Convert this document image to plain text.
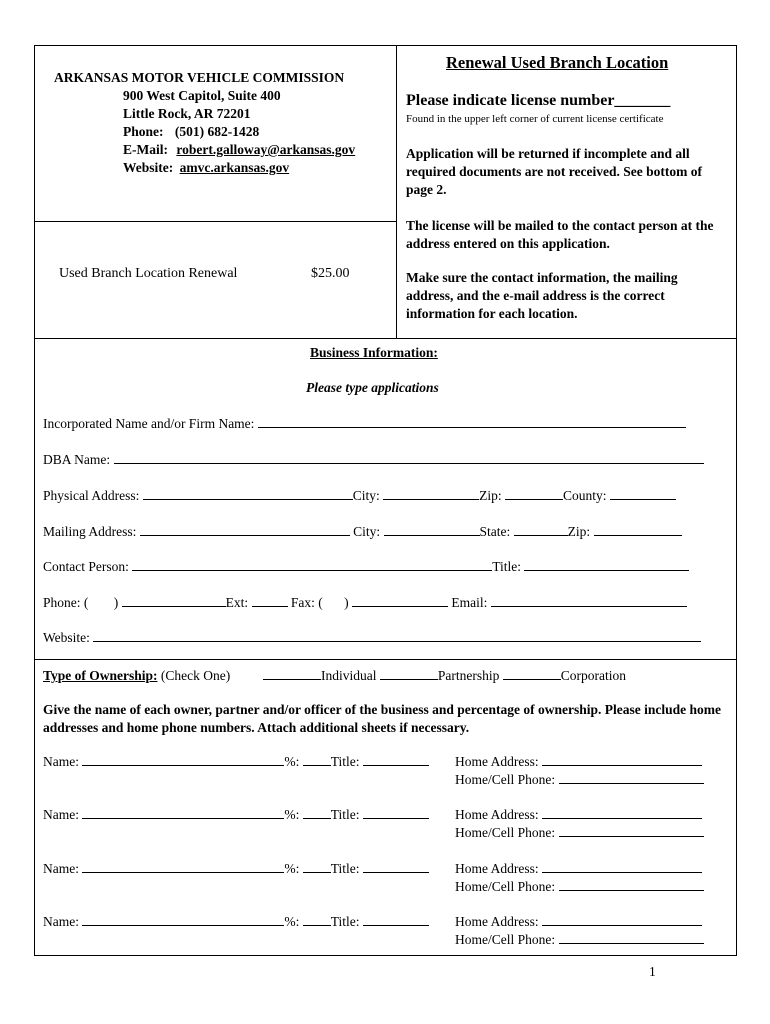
ARKANSAS MOTOR VEHICLE COMMISSION
900 West Capitol, Suite 400
Little Rock, AR 72201
Phone: (501) 682-1428
E-Mail: robert.galloway@arkansas.gov
Website: amvc.arkansas.gov
Used Branch Location Renewal	$25.00
Renewal Used Branch Location
Please indicate license number_______
Found in the upper left corner of current license certificate
Application will be returned if incomplete and all required documents are not received. See bottom of page 2.
The license will be mailed to the contact person at the address entered on this application.
Make sure the contact information, the mailing address, and the e-mail address is the correct information for each location.
Business Information:
Please type applications
Incorporated Name and/or Firm Name:
DBA Name:
Physical Address:	City:	Zip:	County:
Mailing Address:	City:	State:	Zip:
Contact Person:	Title:
Phone: ( )	Ext:	Fax: ( )	Email:
Website:
Type of Ownership: (Check One)	Individual	Partnership	Corporation
Give the name of each owner, partner and/or officer of the business and percentage of ownership. Please include home addresses and home phone numbers. Attach additional sheets if necessary.
Name:	%: Title:	Home Address:
Home/Cell Phone:
Name:	%: Title:	Home Address:
Home/Cell Phone:
Name:	%: Title:	Home Address:
Home/Cell Phone:
Name:	%: Title:	Home Address:
Home/Cell Phone:
1
